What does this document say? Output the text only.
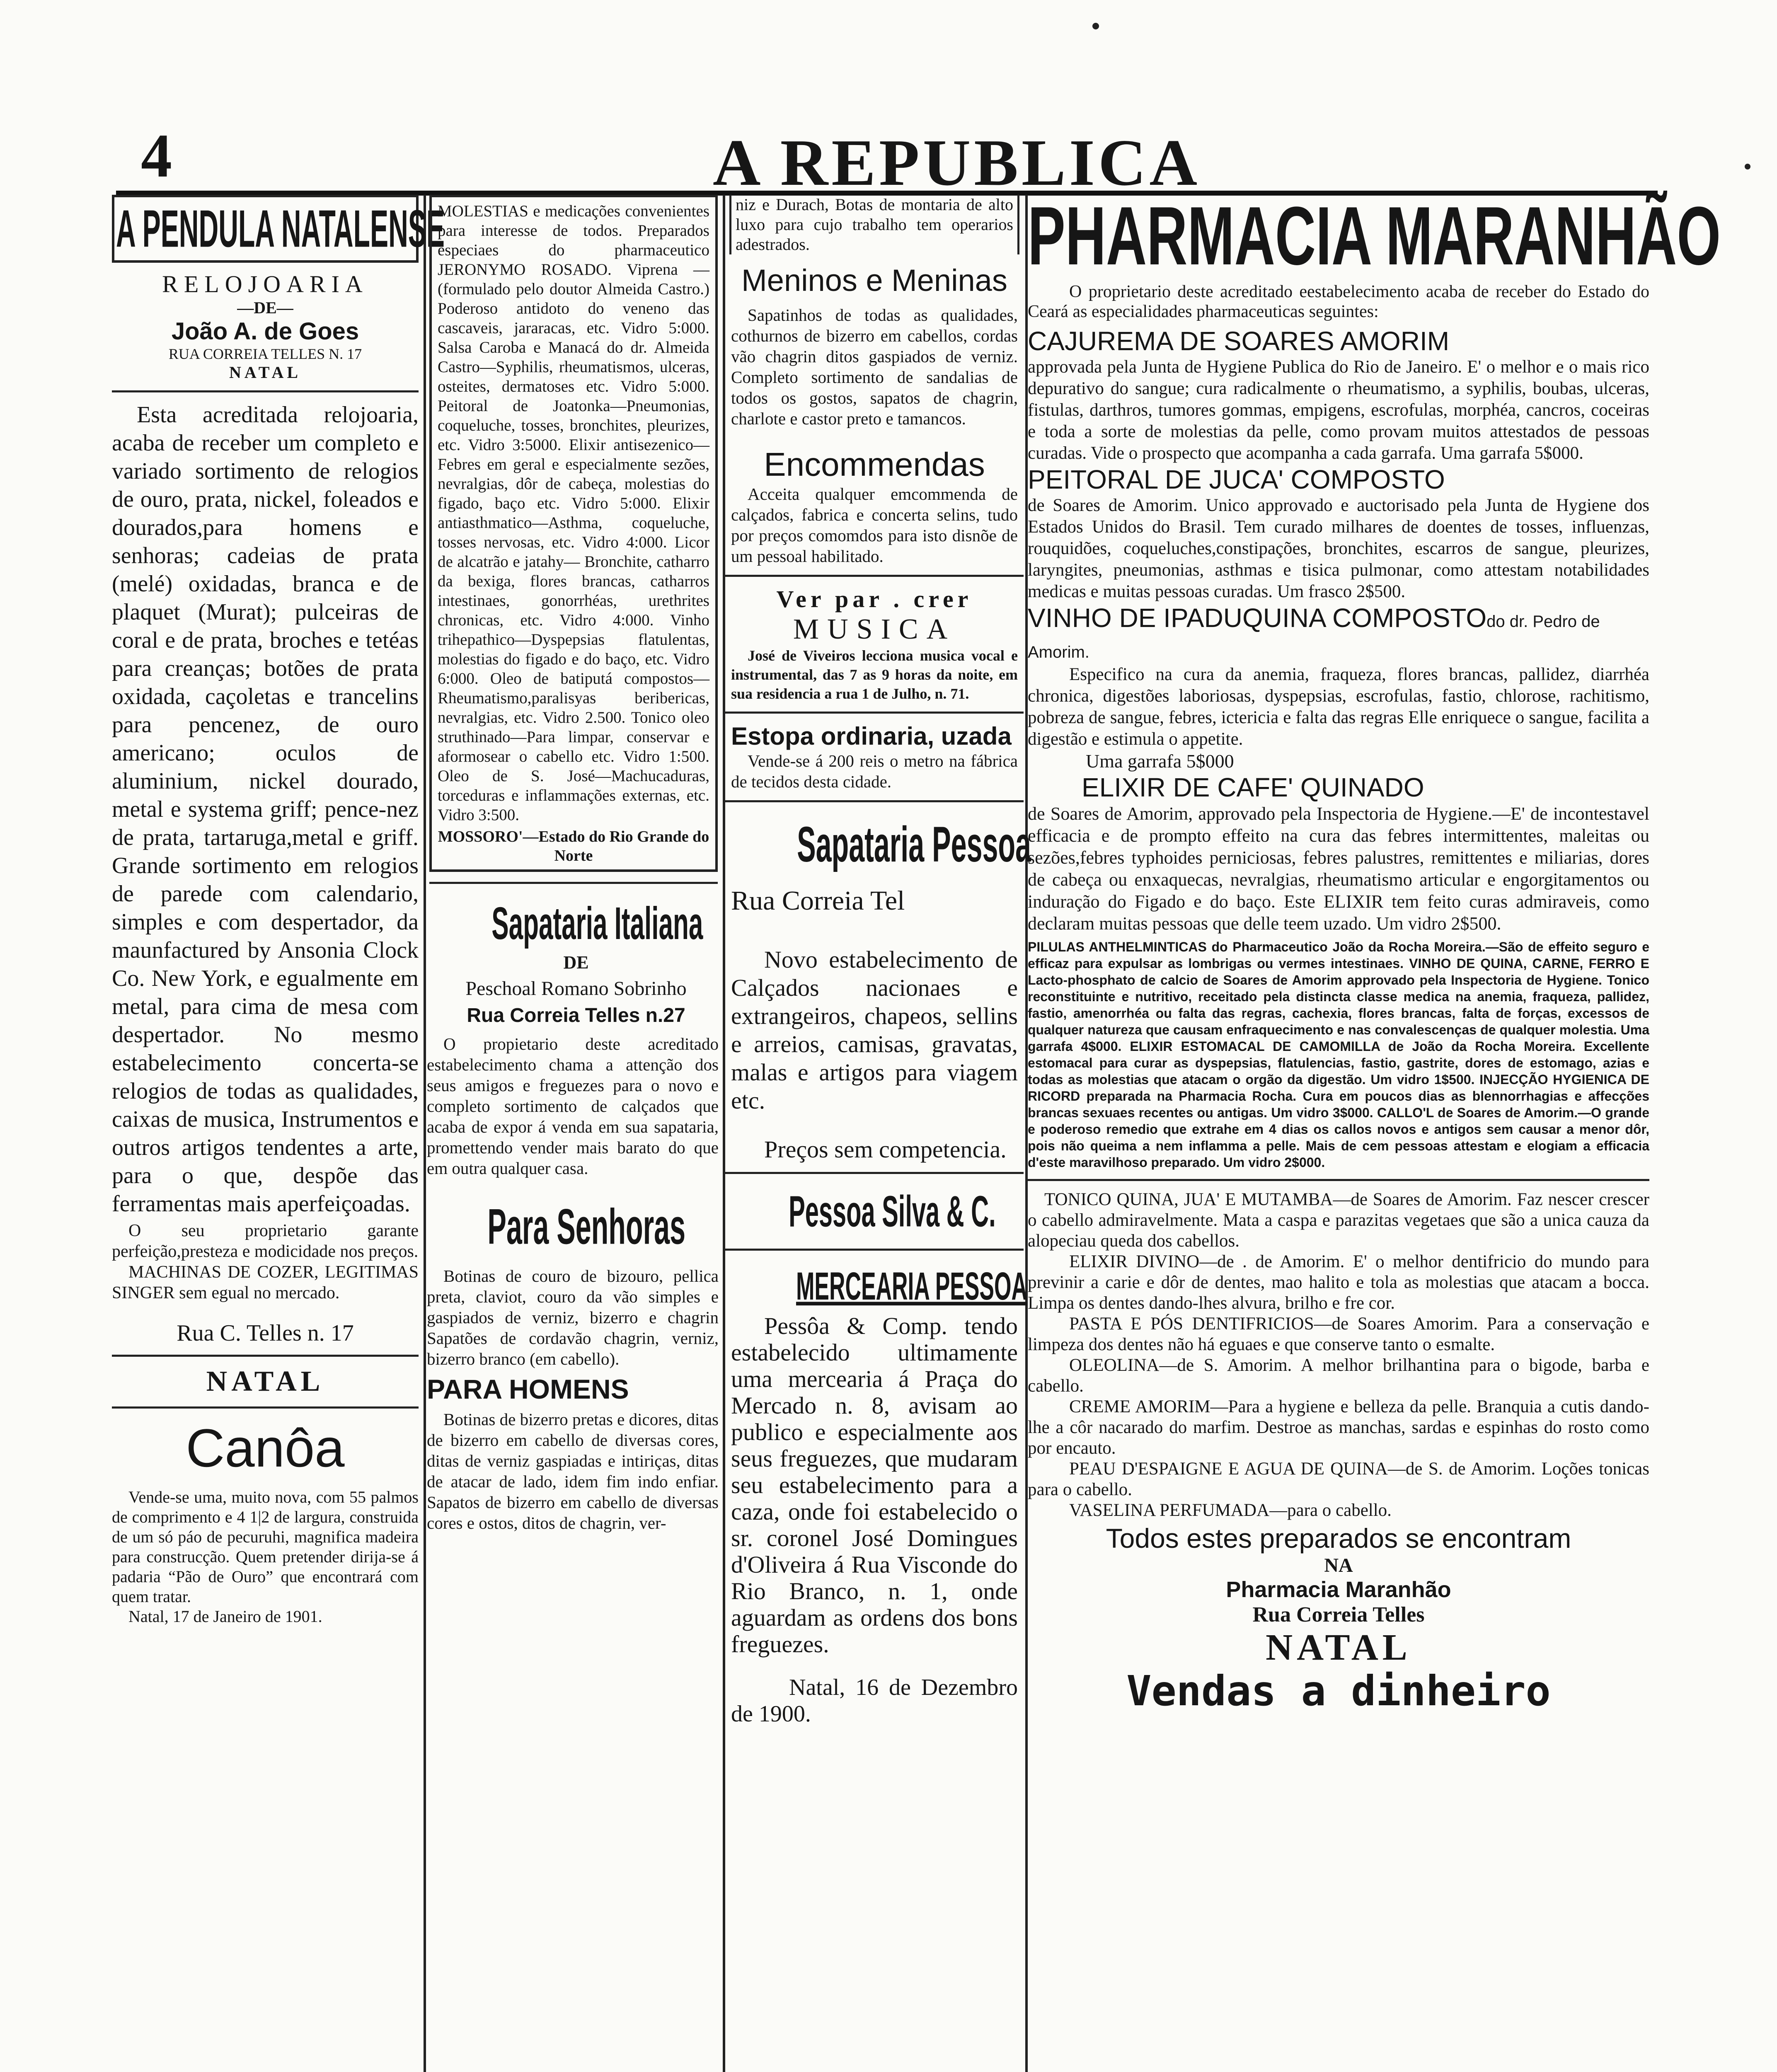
4	A REPUBLICA
A PENDULA NATALENSE

RELOJOARIA

—DE—

João A. de Goes

RUA CORREIA TELLES N. 17

NATAL

Esta acreditada relojoaria, acaba de receber um completo e variado sortimento de relogios de ouro, prata, nickel, foleados e dourados,para homens e senhoras; cadeias de prata (melé) oxidadas, branca e de plaquet (Murat); pulceiras de coral e de prata, broches e tetéas para creanças; botões de prata oxidada, caçoletas e trancelins para pencenez, de ouro americano; oculos de aluminium, nickel dourado, metal e systema griff; pence-nez de prata, tartaruga,metal e griff. Grande sortimento em relogios de parede com calendario, simples e com despertador, da maunfactured by Ansonia Clock Co. New York, e egualmente em metal, para cima de mesa com despertador. No mesmo estabelecimento concerta-se relogios de todas as qualidades, caixas de musica, Instrumentos e outros artigos tendentes a arte, para o que, despõe das ferramentas mais aperfeiçoadas.

O seu proprietario garante perfeição,presteza e modicidade nos preços.

MACHINAS DE COZER, LEGITIMAS SINGER sem egual no mercado.

Rua C. Telles n. 17

NATAL

Canôa

Vende-se uma, muito nova, com 55 palmos de comprimento e 4 1|2 de largura, construida de um só páo de pecuruhi, magnifica madeira para construcção. Quem pretender dirija-se á padaria “Pão de Ouro” que encontrará com quem tratar.

Natal, 17 de Janeiro de 1901.

MOLESTIAS e medicações convenientes para interesse de todos. Preparados especiaes do pharmaceutico JERONYMO ROSADO. Viprena — (formulado pelo doutor Almeida Castro.) Poderoso antidoto do veneno das cascaveis, jararacas, etc. Vidro 5:000. Salsa Caroba e Manacá do dr. Almeida Castro—Syphilis, rheumatismos, ulceras, osteites, dermatoses etc. Vidro 5:000. Peitoral de Joatonka—Pneumonias, coqueluche, tosses, bronchites, pleurizes, etc. Vidro 3:5000. Elixir antisezenico—Febres em geral e especialmente sezões, nevralgias, dôr de cabeça, molestias do figado, baço etc. Vidro 5:000. Elixir antiasthmatico—Asthma, coqueluche, tosses nervosas, etc. Vidro 4:000. Licor de alcatrão e jatahy— Bronchite, catharro da bexiga, flores brancas, catharros intestinaes, gonorrhéas, urethrites chronicas, etc. Vidro 4:000. Vinho trihepathico—Dyspepsias flatulentas, molestias do figado e do baço, etc. Vidro 6:000. Oleo de batiputá compostos—Rheumatismo,paralisyas beribericas, nevralgias, etc. Vidro 2.500. Tonico oleo struthinado—Para limpar, conservar e aformosear o cabello etc. Vidro 1:500. Oleo de S. José—Machucaduras, torceduras e inflammações externas, etc. Vidro 3:500.

MOSSORO'—Estado do Rio Grande do Norte

Sapataria Italiana

DE

Peschoal Romano Sobrinho

Rua Correia Telles n.27

O propietario deste acreditado estabelecimento chama a attenção dos seus amigos e freguezes para o novo e completo sortimento de calçados que acaba de expor á venda em sua sapataria, promettendo vender mais barato do que em outra qualquer casa.

Para Senhoras

Botinas de couro de bizouro, pellica preta, claviot, couro da vão simples e gaspiados de verniz, bizerro e chagrin Sapatões de cordavão chagrin, verniz, bizerro branco (em cabello).

PARA HOMENS

Botinas de bizerro pretas e dicores, ditas de bizerro em cabello de diversas cores, ditas de verniz gaspiadas e intiriças, ditas de atacar de lado, idem fim indo enfiar. Sapatos de bizerro em cabello de diversas cores e ostos, ditos de chagrin, ver-

niz e Durach, Botas de montaria de alto luxo para cujo trabalho tem operarios adestrados.

Meninos e Meninas

Sapatinhos de todas as qualidades, cothurnos de bizerro em cabellos, cordas vão chagrin ditos gaspiados de verniz. Completo sortimento de sandalias de todos os gostos, sapatos de chagrin, charlote e castor preto e tamancos.

Encommendas

Acceita qualquer emcommenda de calçados, fabrica e concerta selins, tudo por preços comomdos para isto disnõe de um pessoal habilitado.

Ver par . crer

MUSICA

José de Viveiros lecciona musica vocal e instrumental, das 7 as 9 horas da noite, em sua residencia a rua 1 de Julho, n. 71.

Estopa ordinaria, uzada

Vende-se á 200 reis o metro na fábrica de tecidos desta cidade.

Sapataria Pessoa

Rua Correia Tel

Novo estabelecimento de Calçados nacionaes e extrangeiros, chapeos, sellins e arreios, camisas, gravatas, malas e artigos para viagem etc.

Preços sem competencia.

Pessoa Silva & C.
MERCEARIA PESSOA

Pessôa & Comp. tendo estabelecido ultimamente uma mercearia á Praça do Mercado n. 8, avisam ao publico e especialmente aos seus freguezes, que mudaram seu estabelecimento para a caza, onde foi estabelecido o sr. coronel José Domingues d'Oliveira á Rua Visconde do Rio Branco, n. 1, onde aguardam as ordens dos bons freguezes.

Natal, 16 de Dezembro de 1900.

PHARMACIA MARANHÃO

O proprietario deste acreditado eestabelecimento acaba de receber do Estado do Ceará as especialidades pharmaceuticas seguintes:

CAJUREMA DE SOARES AMORIM

approvada pela Junta de Hygiene Publica do Rio de Janeiro. E' o melhor e o mais rico depurativo do sangue; cura radicalmente o rheumatismo, a syphilis, boubas, ulceras, fistulas, darthros, tumores gommas, empigens, escrofulas, morphéa, cancros, coceiras e toda a sorte de molestias da pelle, como provam muitos attestados de pessoas curadas. Vide o prospecto que acompanha a cada garrafa. Uma garrafa 5$000.

PEITORAL DE JUCA' COMPOSTO

de Soares de Amorim. Unico approvado e auctorisado pela Junta de Hygiene dos Estados Unidos do Brasil. Tem curado milhares de doentes de tosses, influenzas, rouquidões, coqueluches,constipações, bronchites, escarros de sangue, pleurizes, laryngites, pneumonias, asthmas e tisica pulmonar, como attestam notabilidades medicas e muitas pessoas curadas. Um frasco 2$500.

VINHO DE IPADUQUINA COMPOSTOdo dr. Pedro de Amorim.

Especifico na cura da anemia, fraqueza, flores brancas, pallidez, diarrhéa chronica, digestões laboriosas, dyspepsias, escrofulas, fastio, chlorose, rachitismo, pobreza de sangue, febres, ictericia e falta das regras Elle enriquece o sangue, facilita a digestão e estimula o appetite.

Uma garrafa 5$000

ELIXIR DE CAFE' QUINADO

de Soares de Amorim, approvado pela Inspectoria de Hygiene.—E' de incontestavel efficacia e de prompto effeito na cura das febres intermittentes, maleitas ou sezões,febres typhoides perniciosas, febres palustres, remittentes e miliarias, dores de cabeça ou enxaquecas, nevralgias, rheumatismo articular e engorgitamentos ou induração do Figado e do baço. Este ELIXIR tem feito curas admiraveis, como declaram muitas pessoas que delle teem uzado. Um vidro 2$500.

PILULAS ANTHELMINTICAS do Pharmaceutico João da Rocha Moreira.—São de effeito seguro e efficaz para expulsar as lombrigas ou vermes intestinaes. VINHO DE QUINA, CARNE, FERRO E Lacto-phosphato de calcio de Soares de Amorim approvado pela Inspectoria de Hygiene. Tonico reconstituinte e nutritivo, receitado pela distincta classe medica na anemia, fraqueza, pallidez, fastio, amenorrhéa ou falta das regras, cachexia, flores brancas, falta de forças, excessos de qualquer natureza que causam enfraquecimento e nas convalescenças de qualquer molestia. Uma garrafa 4$000. ELIXIR ESTOMACAL DE CAMOMILLA de João da Rocha Moreira. Excellente estomacal para curar as dyspepsias, flatulencias, fastio, gastrite, dores de estomago, azias e todas as molestias que atacam o orgão da digestão. Um vidro 1$500. INJECÇÃO HYGIENICA DE RICORD preparada na Pharmacia Rocha. Cura em poucos dias as blennorrhagias e affecções brancas sexuaes recentes ou antigas. Um vidro 3$000. CALLO'L de Soares de Amorim.—O grande e poderoso remedio que extrahe em 4 dias os callos novos e antigos sem causar a menor dôr, pois não queima a nem inflamma a pelle. Mais de cem pessoas attestam e elogiam a efficacia d'este maravilhoso preparado. Um vidro 2$000.

TONICO QUINA, JUA' E MUTAMBA—de Soares de Amorim. Faz nescer crescer o cabello admiravelmente. Mata a caspa e parazitas vegetaes que são a unica cauza da alopeciau queda dos cabellos.

ELIXIR DIVINO—de . de Amorim. E' o melhor dentifricio do mundo para previnir a carie e dôr de dentes, mao halito e tola as molestias que atacam a bocca. Limpa os dentes dando-lhes alvura, brilho e fre cor.

PASTA E PÓS DENTIFRICIOS—de Soares Amorim. Para a conservação e limpeza dos dentes não há eguaes e que conserve tanto o esmalte.

OLEOLINA—de S. Amorim. A melhor brilhantina para o bigode, barba e cabello.

CREME AMORIM—Para a hygiene e belleza da pelle. Branquia a cutis dando-lhe a côr nacarado do marfim. Destroe as manchas, sardas e espinhas do rosto como por encauto.

PEAU D'ESPAIGNE E AGUA DE QUINA—de S. de Amorim. Loções tonicas para o cabello.

VASELINA PERFUMADA—para o cabello.

Todos estes preparados se encontram

NA

Pharmacia Maranhão

Rua Correia Telles

NATAL

Vendas a dinheiro
